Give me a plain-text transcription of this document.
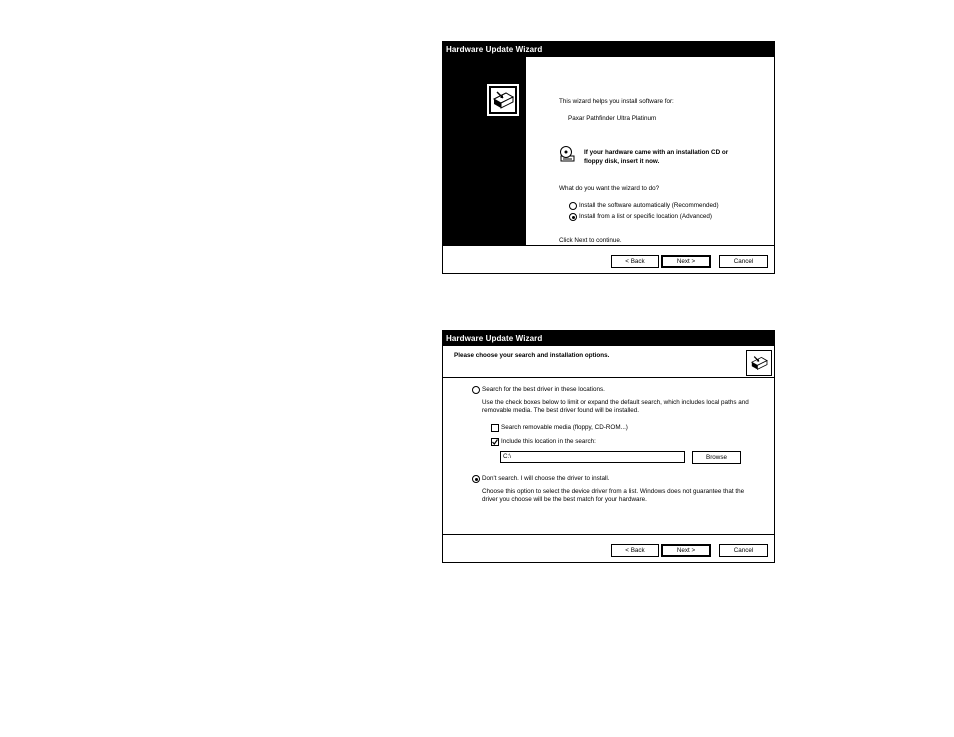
Hardware Update Wizard
This wizard helps you install software for:
Paxar Pathfinder Ultra Platinum
If your hardware came with an installation CD or
floppy disk, insert it now.
What do you want the wizard to do?
Install the software automatically (Recommended)
Install from a list or specific location (Advanced)
Click Next to continue.
< Back	Next >	Cancel
Hardware Update Wizard
Please choose your search and installation options.
Search for the best driver in these locations.
Use the check boxes below to limit or expand the default search, which includes local paths and
removable media. The best driver found will be installed.
Search removable media (floppy, CD-ROM...)
Include this location in the search:
C:\	Browse
Don't search. I will choose the driver to install.
Choose this option to select the device driver from a list. Windows does not guarantee that the
driver you choose will be the best match for your hardware.
< Back	Next >	Cancel
